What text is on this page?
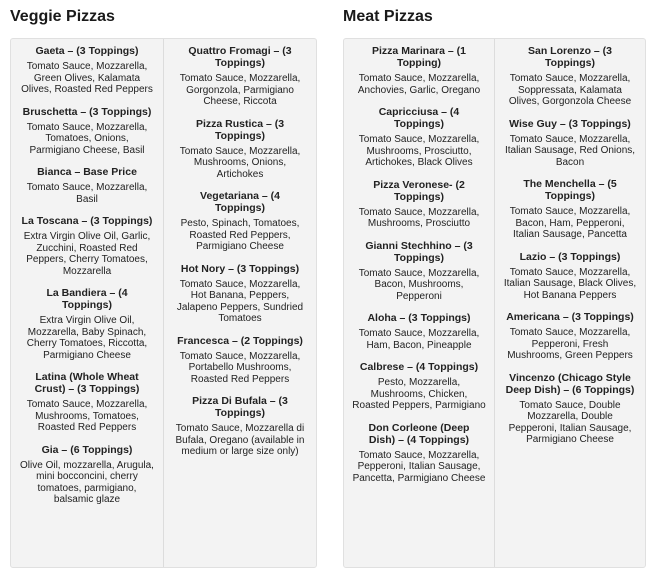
Veggie Pizzas
Gaeta – (3 Toppings)
Tomato Sauce, Mozzarella, Green Olives, Kalamata Olives, Roasted Red Peppers
Bruschetta – (3 Toppings)
Tomato Sauce, Mozzarella, Tomatoes, Onions, Parmigiano Cheese, Basil
Bianca – Base Price
Tomato Sauce, Mozzarella, Basil
La Toscana – (3 Toppings)
Extra Virgin Olive Oil, Garlic, Zucchini, Roasted Red Peppers, Cherry Tomatoes, Mozzarella
La Bandiera – (4 Toppings)
Extra Virgin Olive Oil, Mozzarella, Baby Spinach, Cherry Tomatoes, Riccotta, Parmigiano Cheese
Latina (Whole Wheat Crust) – (3 Toppings)
Tomato Sauce, Mozzarella, Mushrooms, Tomatoes, Roasted Red Peppers
Gia – (6 Toppings)
Olive Oil, mozzarella, Arugula, mini bocconcini, cherry tomatoes, parmigiano, balsamic glaze
Quattro Fromagi – (3 Toppings)
Tomato Sauce, Mozzarella, Gorgonzola, Parmigiano Cheese, Riccota
Pizza Rustica – (3 Toppings)
Tomato Sauce, Mozzarella, Mushrooms, Onions, Artichokes
Vegetariana – (4 Toppings)
Pesto, Spinach, Tomatoes, Roasted Red Peppers, Parmigiano Cheese
Hot Nory – (3 Toppings)
Tomato Sauce, Mozzarella, Hot Banana, Peppers, Jalapeno Peppers, Sundried Tomatoes
Francesca – (2 Toppings)
Tomato Sauce, Mozzarella, Portabello Mushrooms, Roasted Red Peppers
Pizza Di Bufala – (3 Toppings)
Tomato Sauce, Mozzarella di Bufala, Oregano (available in medium or large size only)
Meat Pizzas
Pizza Marinara – (1 Topping)
Tomato Sauce, Mozzarella, Anchovies, Garlic, Oregano
Capricciusa – (4 Toppings)
Tomato Sauce, Mozzarella, Mushrooms, Prosciutto, Artichokes, Black Olives
Pizza Veronese- (2 Toppings)
Tomato Sauce, Mozzarella, Mushrooms, Prosciutto
Gianni Stechhino – (3 Toppings)
Tomato Sauce, Mozzarella, Bacon, Mushrooms, Pepperoni
Aloha – (3 Toppings)
Tomato Sauce, Mozzarella, Ham, Bacon, Pineapple
Calbrese – (4 Toppings)
Pesto, Mozzarella, Mushrooms, Chicken, Roasted Peppers, Parmigiano
Don Corleone (Deep Dish) – (4 Toppings)
Tomato Sauce, Mozzarella, Pepperoni, Italian Sausage, Pancetta, Parmigiano Cheese
San Lorenzo – (3 Toppings)
Tomato Sauce, Mozzarella, Soppressata, Kalamata Olives, Gorgonzola Cheese
Wise Guy – (3 Toppings)
Tomato Sauce, Mozzarella, Italian Sausage, Red Onions, Bacon
The Menchella – (5 Toppings)
Tomato Sauce, Mozzarella, Bacon, Ham, Pepperoni, Italian Sausage, Pancetta
Lazio – (3 Toppings)
Tomato Sauce, Mozzarella, Italian Sausage, Black Olives, Hot Banana Peppers
Americana – (3 Toppings)
Tomato Sauce, Mozzarella, Pepperoni, Fresh Mushrooms, Green Peppers
Vincenzo (Chicago Style Deep Dish) – (6 Toppings)
Tomato Sauce, Double Mozzarella, Double Pepperoni, Italian Sausage, Parmigiano Cheese
